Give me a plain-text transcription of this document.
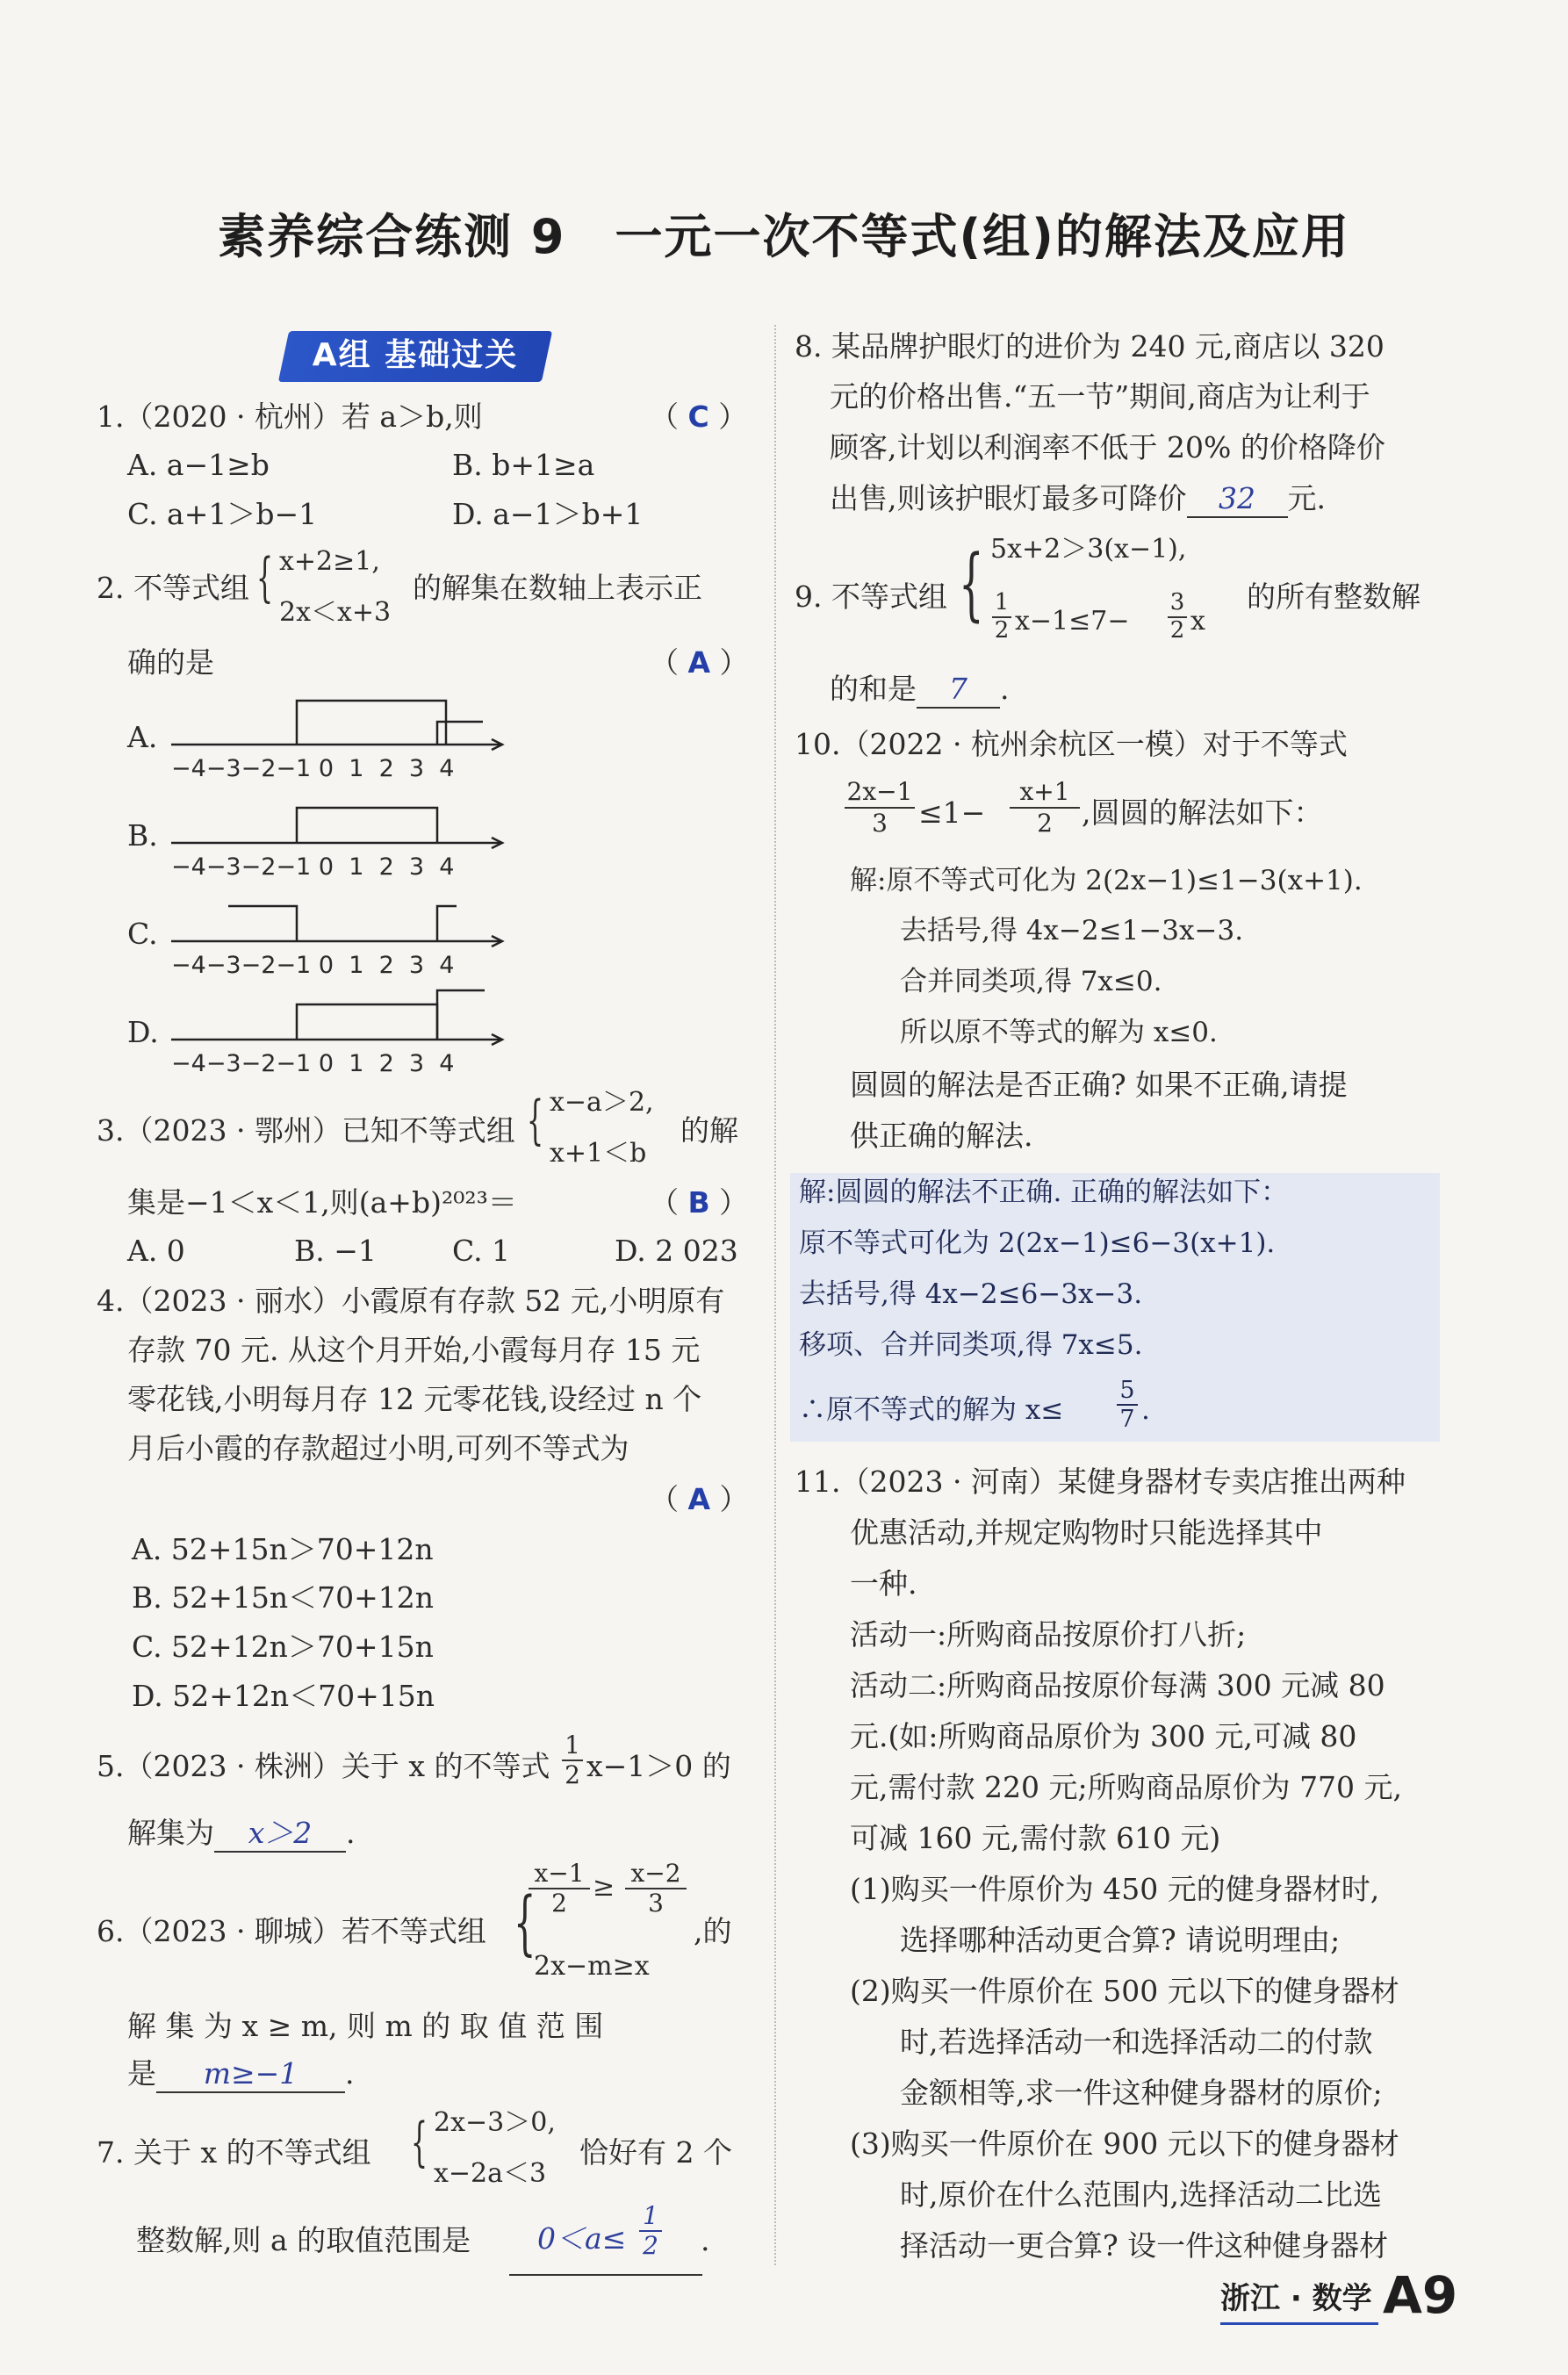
素养综合练测 9　一元一次不等式(组)的解法及应用
A组 基础过关
1.（2020 · 杭州）若 a＞b,则	（ C ）
A. a−1≥b	B. b+1≥a
C. a+1＞b−1	D. a−1＞b+1
2. 不等式组 { x+2≥1,
2x＜x+3
的解集在数轴上表示正
确的是	（ A ）
A.
B.
C.
D.
−4−3−2−1 0 1 2 3 4
−4−3−2−1 0 1 2 3 4
−4−3−2−1 0 1 2 3 4
−4−3−2−1 0 1 2 3 4
3.（2023 · 鄂州）已知不等式组 { x−a＞2,
x+1＜b
的解
集是−1＜x＜1,则(a+b)²⁰²³＝	（ B ）
A. 0	B. −1	C. 1	D. 2 023
4.（2023 · 丽水）小霞原有存款 52 元,小明原有
存款 70 元. 从这个月开始,小霞每月存 15 元
零花钱,小明每月存 12 元零花钱,设经过 n 个
月后小霞的存款超过小明,可列不等式为
（ A ）
A. 52+15n＞70+12n
B. 52+15n＜70+12n
C. 52+12n＞70+15n
D. 52+12n＜70+15n
5.（2023 · 株洲）关于 x 的不等式
1
2 x−1＞0 的
解集为 x＞2 .
6.（2023 · 聊城）若不等式组 {
x−1
2
≥ x−2
3
2x−m≥x
,的
解 集 为 x ≥ m, 则 m 的 取 值 范 围
是 m≥−1 .
7. 关于 x 的不等式组 { 2x−3＞0,
x−2a＜3
恰好有 2 个
整数解,则 a 的取值范围是 0＜a≤
1
2 .
8. 某品牌护眼灯的进价为 240 元,商店以 320
元的价格出售.“五一节”期间,商店为让利于
顾客,计划以利润率不低于 20% 的价格降价
出售,则该护眼灯最多可降价 32 元.
9. 不等式组 { 5x+2＞3(x−1),
1
2 x−1≤7−
3
2 x
的所有整数解
的和是 7 .
10.（2022 · 杭州余杭区一模）对于不等式
2x−1
3	≤1−
x+1
2	,圆圆的解法如下：
解:原不等式可化为 2(2x−1)≤1−3(x+1).
去括号,得 4x−2≤1−3x−3.
合并同类项,得 7x≤0.
所以原不等式的解为 x≤0.
圆圆的解法是否正确? 如果不正确,请提
供正确的解法.
解:圆圆的解法不正确. 正确的解法如下：
原不等式可化为 2(2x−1)≤6−3(x+1).
去括号,得 4x−2≤6−3x−3.
移项、合并同类项,得 7x≤5.
∴原不等式的解为 x≤
5
7 .
11.（2023 · 河南）某健身器材专卖店推出两种
优惠活动,并规定购物时只能选择其中
一种.
活动一:所购商品按原价打八折;
活动二:所购商品按原价每满 300 元减 80
元.(如:所购商品原价为 300 元,可减 80
元,需付款 220 元;所购商品原价为 770 元,
可减 160 元,需付款 610 元)
(1)购买一件原价为 450 元的健身器材时,
选择哪种活动更合算? 请说明理由;
(2)购买一件原价在 500 元以下的健身器材
时,若选择活动一和选择活动二的付款
金额相等,求一件这种健身器材的原价;
(3)购买一件原价在 900 元以下的健身器材
时,原价在什么范围内,选择活动二比选
择活动一更合算? 设一件这种健身器材
浙江 · 数学 A9
